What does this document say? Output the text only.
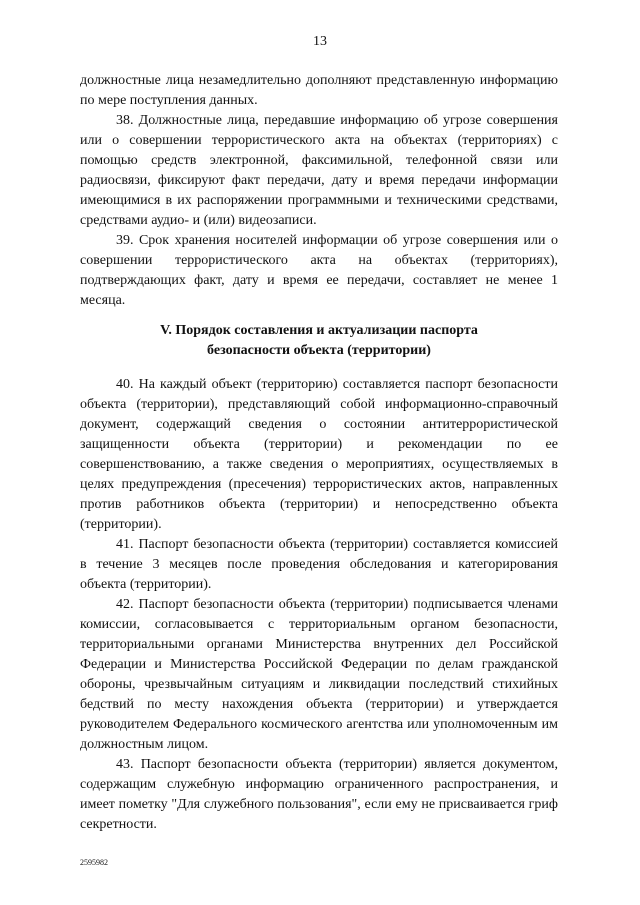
13

должностные лица незамедлительно дополняют представленную информацию по мере поступления данных.

38. Должностные лица, передавшие информацию об угрозе совершения или о совершении террористического акта на объектах (территориях) с помощью средств электронной, факсимильной, телефонной связи или радиосвязи, фиксируют факт передачи, дату и время передачи информации имеющимися в их распоряжении программными и техническими средствами, средствами аудио- и (или) видеозаписи.

39. Срок хранения носителей информации об угрозе совершения или о совершении террористического акта на объектах (территориях), подтверждающих факт, дату и время ее передачи, составляет не менее 1 месяца.

V. Порядок составления и актуализации паспорта
безопасности объекта (территории)

40. На каждый объект (территорию) составляется паспорт безопасности объекта (территории), представляющий собой информационно-справочный документ, содержащий сведения о состоянии антитеррористической защищенности объекта (территории) и рекомендации по ее совершенствованию, а также сведения о мероприятиях, осуществляемых в целях предупреждения (пресечения) террористических актов, направленных против работников объекта (территории) и непосредственно объекта (территории).

41. Паспорт безопасности объекта (территории) составляется комиссией в течение 3 месяцев после проведения обследования и категорирования объекта (территории).

42. Паспорт безопасности объекта (территории) подписывается членами комиссии, согласовывается с территориальным органом безопасности, территориальными органами Министерства внутренних дел Российской Федерации и Министерства Российской Федерации по делам гражданской обороны, чрезвычайным ситуациям и ликвидации последствий стихийных бедствий по месту нахождения объекта (территории) и утверждается руководителем Федерального космического агентства или уполномоченным им должностным лицом.

43. Паспорт безопасности объекта (территории) является документом, содержащим служебную информацию ограниченного распространения, и имеет пометку "Для служебного пользования", если ему не присваивается гриф секретности.

2595982
